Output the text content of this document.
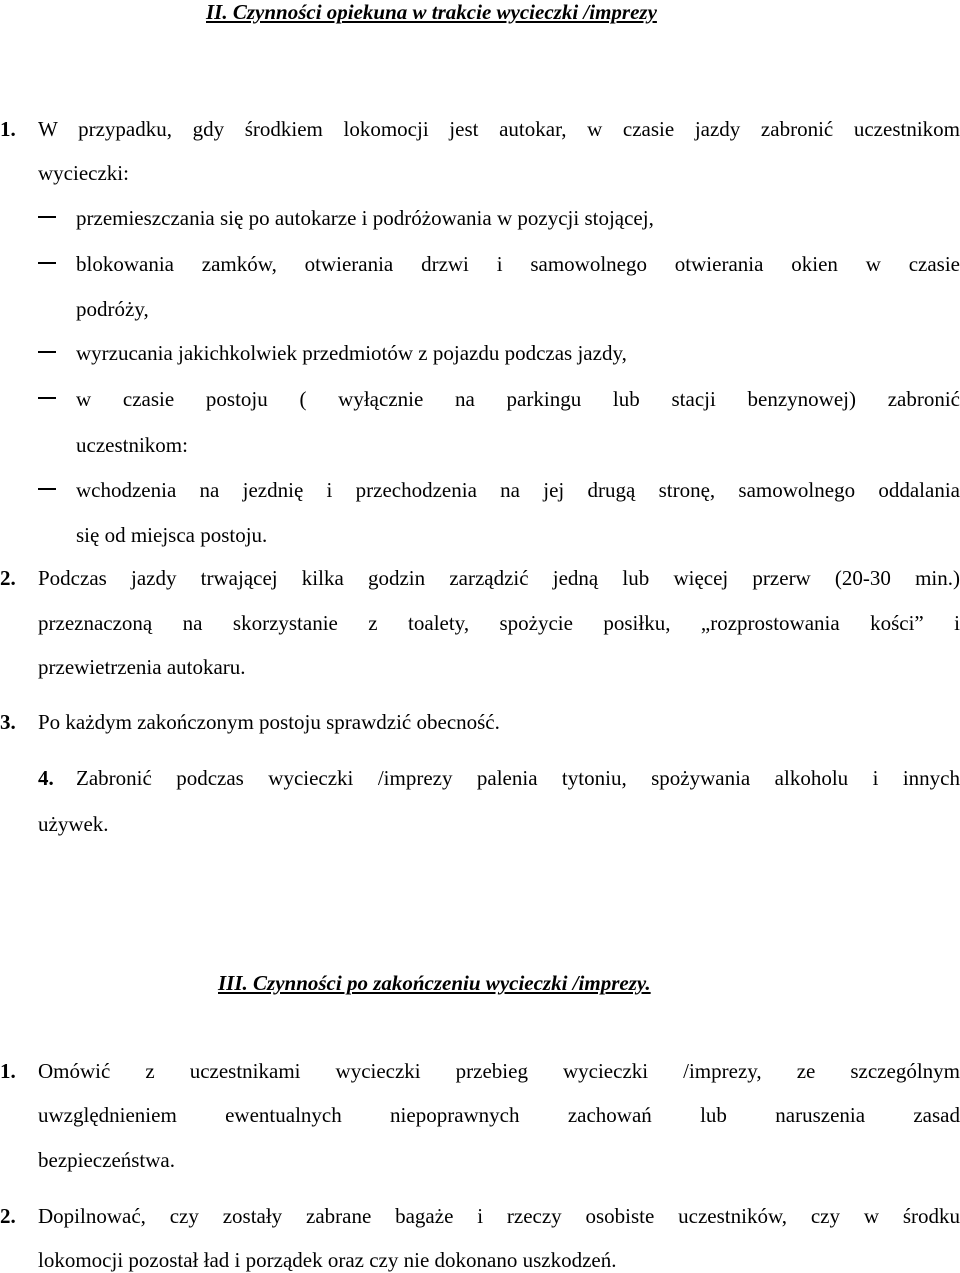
II. Czynności opiekuna w trakcie wycieczki /imprezy
1. W przypadku, gdy środkiem lokomocji jest autokar, w czasie jazdy zabronić uczestnikom
wycieczki:
przemieszczania się po autokarze i podróżowania w pozycji stojącej,
blokowania zamków, otwierania drzwi i samowolnego otwierania okien w czasie
podróży,
wyrzucania jakichkolwiek przedmiotów z pojazdu podczas jazdy,
w czasie postoju ( wyłącznie na parkingu lub stacji benzynowej) zabronić
uczestnikom:
wchodzenia na jezdnię i przechodzenia na jej drugą stronę, samowolnego oddalania
się od miejsca postoju.
2. Podczas jazdy trwającej kilka godzin zarządzić jedną lub więcej przerw (20-30 min.)
przeznaczoną na skorzystanie z toalety, spożycie posiłku, „rozprostowania kości” i
przewietrzenia autokaru.
3. Po każdym zakończonym postoju sprawdzić obecność.
4. Zabronić podczas wycieczki /imprezy palenia tytoniu, spożywania alkoholu i innych
używek.
III. Czynności po zakończeniu wycieczki /imprezy.
1. Omówić z uczestnikami wycieczki przebieg wycieczki /imprezy, ze szczególnym
uwzględnieniem ewentualnych niepoprawnych zachowań lub naruszenia zasad
bezpieczeństwa.
2. Dopilnować, czy zostały zabrane bagaże i rzeczy osobiste uczestników, czy w środku
lokomocji pozostał ład i porządek oraz czy nie dokonano uszkodzeń.
